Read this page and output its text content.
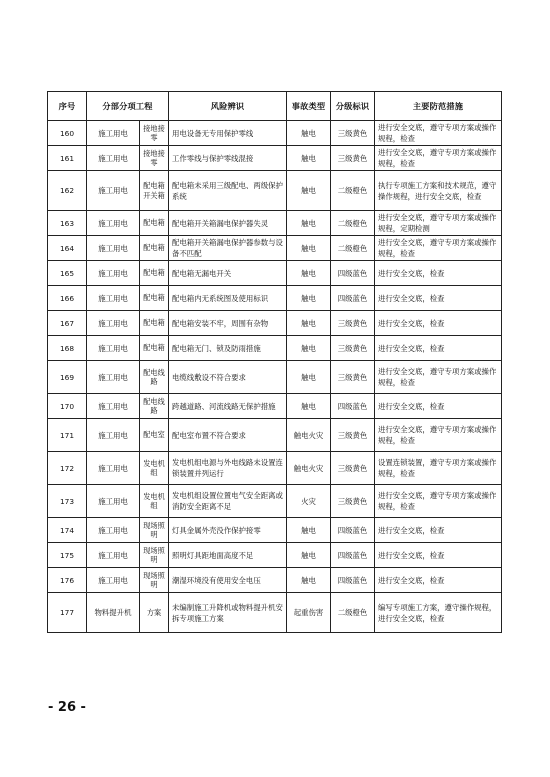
序号	分部分项工程		风险辨识	事故类型	分级标识	主要防范措施
160	施工用电	接地接零	用电设备无专用保护零线	触电	三级黄色	进行安全交底，遵守专项方案或操作规程，检查
161	施工用电	接地接零	工作零线与保护零线混接	触电	三级黄色	进行安全交底，遵守专项方案或操作规程，检查
162	施工用电	配电箱开关箱	配电箱未采用三级配电、两级保护系统	触电	二级橙色	执行专项施工方案和技术规范，遵守操作规程，进行安全交底，检查
163	施工用电	配电箱	配电箱开关箱漏电保护器失灵	触电	二级橙色	进行安全交底，遵守专项方案或操作规程，定期检测
164	施工用电	配电箱	配电箱开关箱漏电保护器参数与设备不匹配	触电	二级橙色	进行安全交底，遵守专项方案或操作规程，检查
165	施工用电	配电箱	配电箱无漏电开关	触电	四级蓝色	进行安全交底，检查
166	施工用电	配电箱	配电箱内无系统图及使用标识	触电	四级蓝色	进行安全交底，检查
167	施工用电	配电箱	配电箱安装不牢，周围有杂物	触电	三级黄色	进行安全交底，检查
168	施工用电	配电箱	配电箱无门、锁及防雨措施	触电	三级黄色	进行安全交底，检查
169	施工用电	配电线路	电缆线敷设不符合要求	触电	三级黄色	进行安全交底，遵守专项方案或操作规程，检查
170	施工用电	配电线路	跨越道路、河流线路无保护措施	触电	四级蓝色	进行安全交底，检查
171	施工用电	配电室	配电室布置不符合要求	触电火灾	三级黄色	进行安全交底，遵守专项方案或操作规程，检查
172	施工用电	发电机组	发电机组电源与外电线路未设置连锁装置并列运行	触电火灾	三级黄色	设置连锁装置，遵守专项方案或操作规程，检查
173	施工用电	发电机组	发电机组设置位置电气安全距离或消防安全距离不足	火灾	三级黄色	进行安全交底，遵守专项方案或操作规程，检查
174	施工用电	现场照明	灯具金属外壳没作保护接零	触电	四级蓝色	进行安全交底，检查
175	施工用电	现场照明	照明灯具距地面高度不足	触电	四级蓝色	进行安全交底，检查
176	施工用电	现场照明	潮湿环境没有使用安全电压	触电	四级蓝色	进行安全交底，检查
177	物料提升机	方案	未编制施工升降机或物料提升机安拆专项施工方案	起重伤害	二级橙色	编写专项施工方案，遵守操作规程，进行安全交底，检查
- 26 -
